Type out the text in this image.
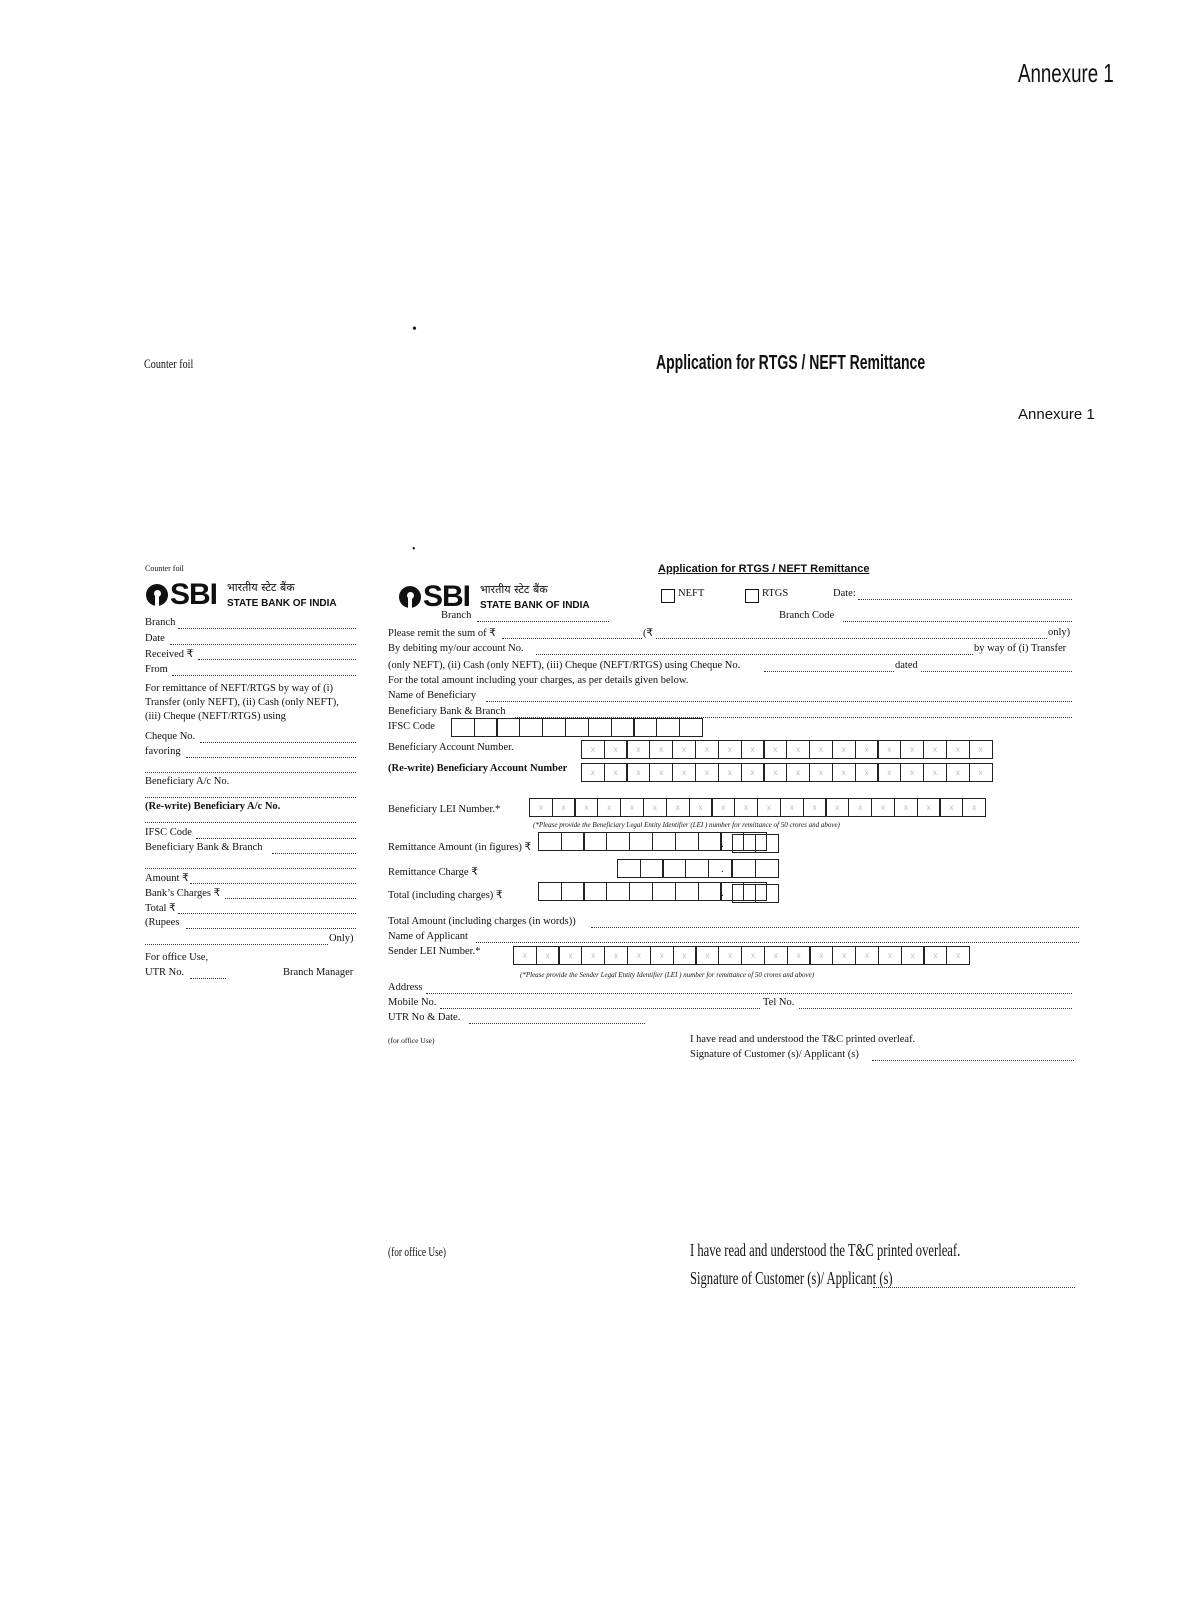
Annexure 1
•
Counter foil	Application for RTGS / NEFT Remittance
Annexure 1
•
Counter foil
SBI भारतीय स्टेट बैंक
STATE BANK OF INDIA
Branch
Date
Received ₹
From
For remittance of NEFT/RTGS by way of (i)
Transfer (only NEFT), (ii) Cash (only NEFT),
(iii) Cheque (NEFT/RTGS) using
Cheque No.
favoring
Beneficiary A/c No.
(Re-write) Beneficiary A/c No.
IFSC Code
Beneficiary Bank & Branch
Amount ₹
Bank’s Charges ₹
Total ₹
(Rupees
Only)
For office Use,
UTR No.	Branch Manager
SBI भारतीय स्टेट बैंक
STATE BANK OF INDIA
Application for RTGS / NEFT Remittance
NEFT	RTGS	Date:
Branch	Branch Code
Please remit the sum of ₹	(₹	only)
By debiting my/our account No.	by way of (i) Transfer
(only NEFT), (ii) Cash (only NEFT), (iii) Cheque (NEFT/RTGS) using Cheque No.	dated
For the total amount including your charges, as per details given below.
Name of Beneficiary
Beneficiary Bank & Branch
IFSC Code
Beneficiary Account Number.	x	x	x	x	x	x	x	x	x	x	x	x	x	x	x	x	x	x
(Re-write) Beneficiary Account Number	x	x	x	x	x	x	x	x	x	x	x	x	x	x	x	x	x	x
Beneficiary LEI Number.*	x	x	x	x	x	x	x	x	x	x	x	x	x	x	x	x	x	x	x	x
(*Please provide the Beneficiary Legal Entity Identifier (LEI ) number for remittance of 50 crores and above)
Remittance Amount (in figures) ₹	.
Remittance Charge ₹	.
Total (including charges) ₹	.
Total Amount (including charges (in words))
Name of Applicant
Sender LEI Number.*	x	x	x	x	x	x	x	x	x	x	x	x	x	x	x	x	x	x	x	x
(*Please provide the Sender Legal Entity Identifier (LEI ) number for remittance of 50 crores and above)
Address
Mobile No.	Tel No.
UTR No & Date.
(for office Use)	I have read and understood the T&C printed overleaf.
Signature of Customer (s)/ Applicant (s)
(for office Use)	I have read and understood the T&C printed overleaf.
Signature of Customer (s)/ Applicant (s)
